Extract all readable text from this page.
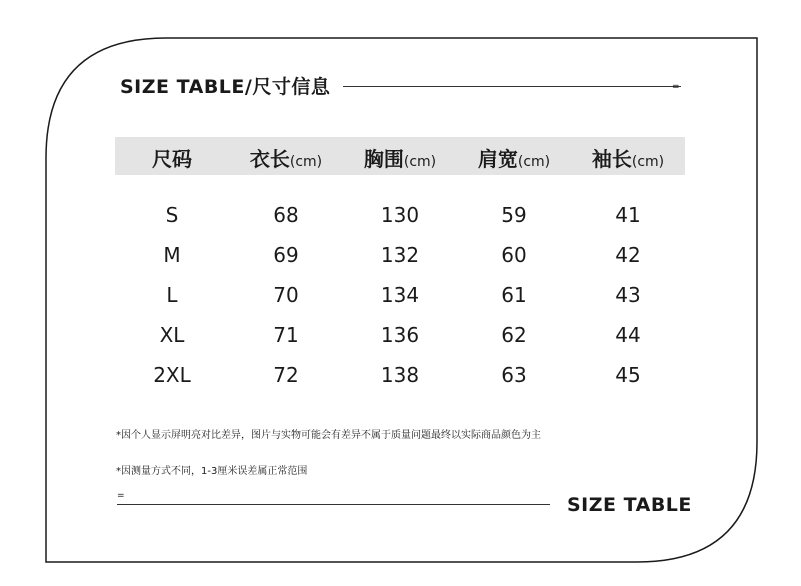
SIZE TABLE/尺寸信息	=
尺码	衣长(cm)	胸围(cm)	肩宽(cm)	袖长(cm)
S	68	130	59	41
M	69	132	60	42
L	70	134	61	43
XL	71	136	62	44
2XL	72	138	63	45
*因个人显示屏明亮对比差异，图片与实物可能会有差异不属于质量问题最终以实际商品颜色为主
*因测量方式不同，1-3厘米误差属正常范围
=	SIZE TABLE
